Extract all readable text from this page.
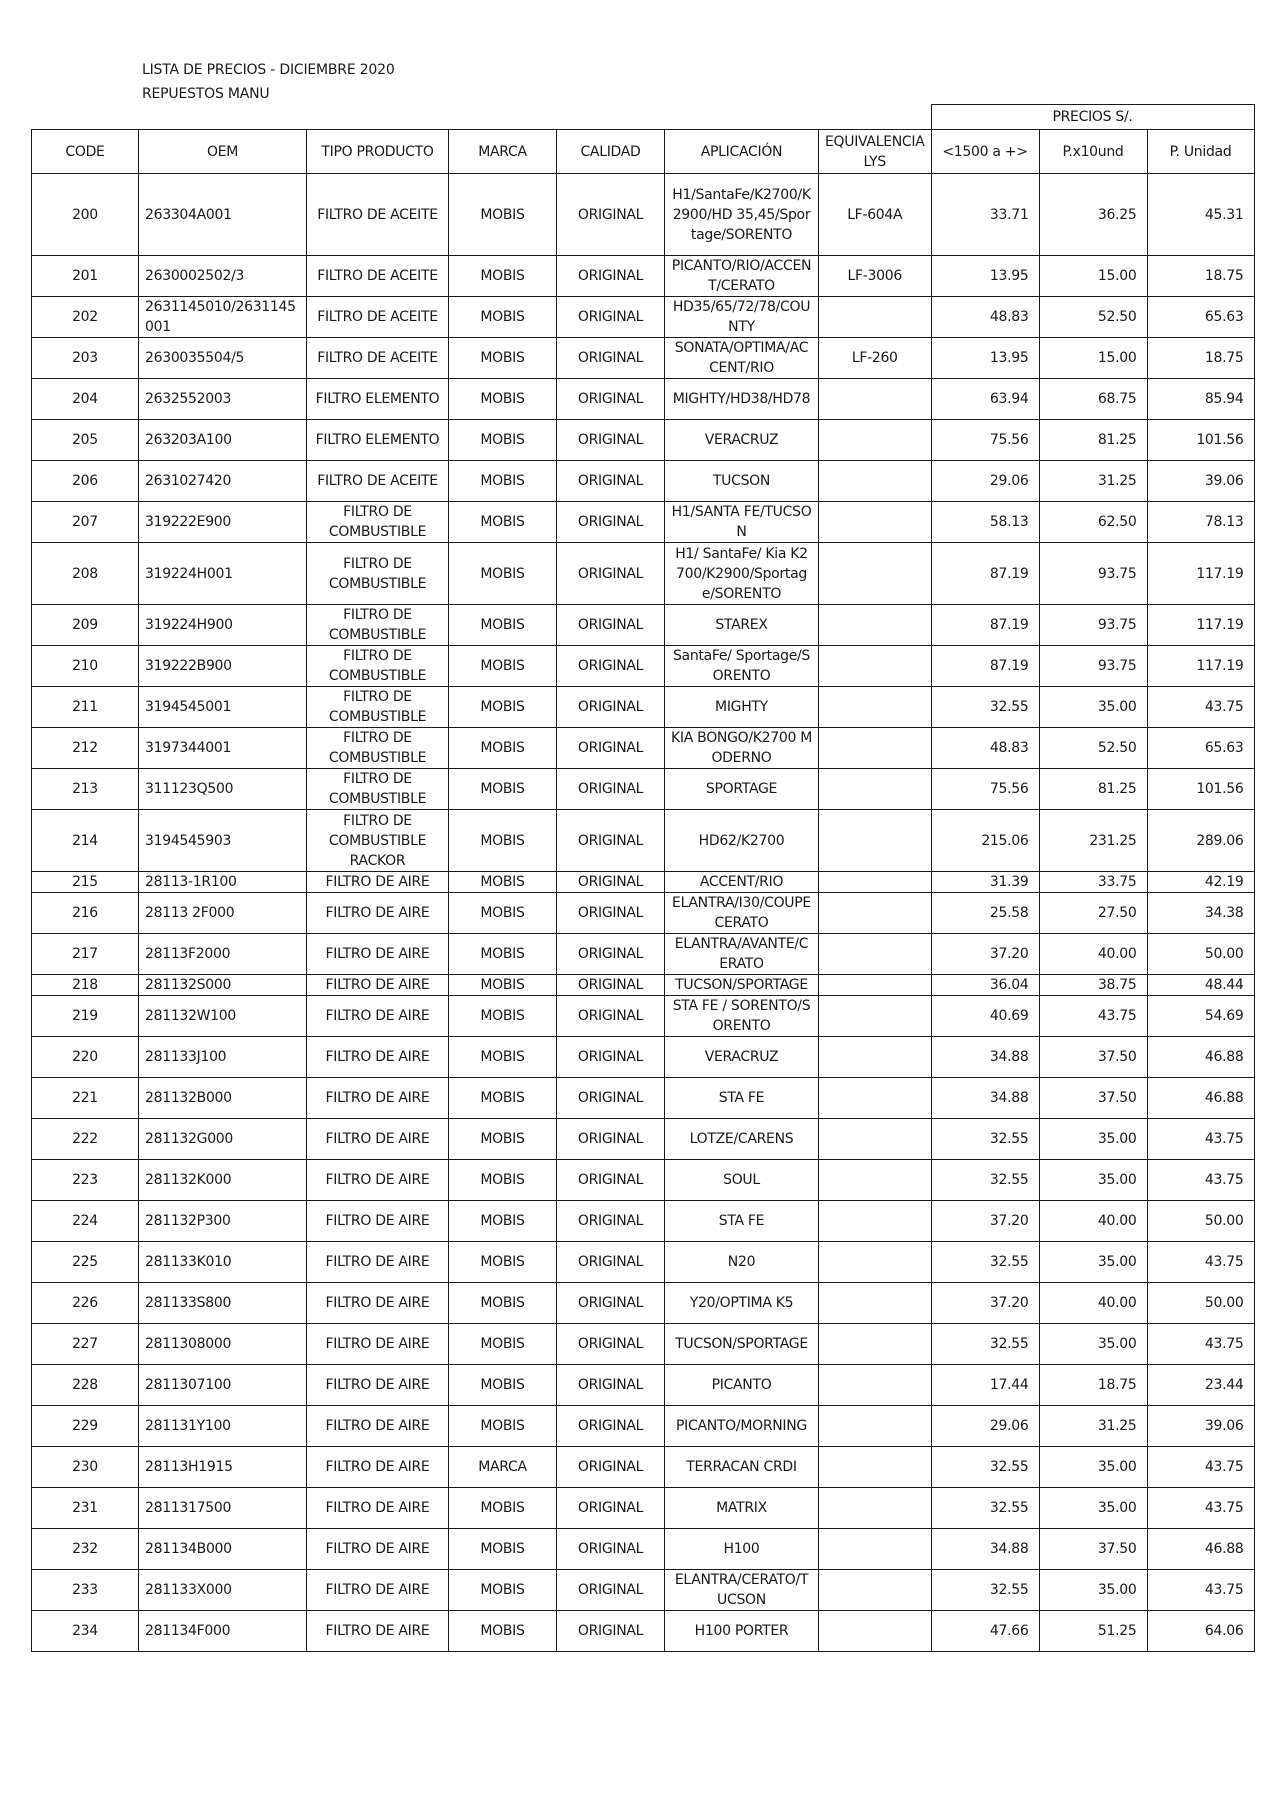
LISTA DE PRECIOS - DICIEMBRE 2020
REPUESTOS MANU
							PRECIOS S/.		
CODE	OEM	TIPO PRODUCTO	MARCA	CALIDAD	APLICACIÓN	EQUIVALENCIA LYS	<1500 a +>	P.x10und	P. Unidad
200	263304A001	FILTRO DE ACEITE	MOBIS	ORIGINAL	H1/SantaFe/K2700/K2900/HD 35,45/Sportage/SORENTO	LF-604A	33.71	36.25	45.31
201	2630002502/3	FILTRO DE ACEITE	MOBIS	ORIGINAL	PICANTO/RIO/ACCENT/CERATO	LF-3006	13.95	15.00	18.75
202	2631145010/2631145001	FILTRO DE ACEITE	MOBIS	ORIGINAL	HD35/65/72/78/COUNTY		48.83	52.50	65.63
203	2630035504/5	FILTRO DE ACEITE	MOBIS	ORIGINAL	SONATA/OPTIMA/ACCENT/RIO	LF-260	13.95	15.00	18.75
204	2632552003	FILTRO ELEMENTO	MOBIS	ORIGINAL	MIGHTY/HD38/HD78		63.94	68.75	85.94
205	263203A100	FILTRO ELEMENTO	MOBIS	ORIGINAL	VERACRUZ		75.56	81.25	101.56
206	2631027420	FILTRO DE ACEITE	MOBIS	ORIGINAL	TUCSON		29.06	31.25	39.06
207	319222E900	FILTRO DE COMBUSTIBLE	MOBIS	ORIGINAL	H1/SANTA FE/TUCSON		58.13	62.50	78.13
208	319224H001	FILTRO DE COMBUSTIBLE	MOBIS	ORIGINAL	H1/ SantaFe/ Kia K2700/K2900/Sportage/SORENTO		87.19	93.75	117.19
209	319224H900	FILTRO DE COMBUSTIBLE	MOBIS	ORIGINAL	STAREX		87.19	93.75	117.19
210	319222B900	FILTRO DE COMBUSTIBLE	MOBIS	ORIGINAL	SantaFe/ Sportage/SORENTO		87.19	93.75	117.19
211	3194545001	FILTRO DE COMBUSTIBLE	MOBIS	ORIGINAL	MIGHTY		32.55	35.00	43.75
212	3197344001	FILTRO DE COMBUSTIBLE	MOBIS	ORIGINAL	KIA BONGO/K2700 MODERNO		48.83	52.50	65.63
213	311123Q500	FILTRO DE COMBUSTIBLE	MOBIS	ORIGINAL	SPORTAGE		75.56	81.25	101.56
214	3194545903	FILTRO DE COMBUSTIBLE RACKOR	MOBIS	ORIGINAL	HD62/K2700		215.06	231.25	289.06
215	28113-1R100	FILTRO DE AIRE	MOBIS	ORIGINAL	ACCENT/RIO		31.39	33.75	42.19
216	28113 2F000	FILTRO DE AIRE	MOBIS	ORIGINAL	ELANTRA/I30/COUPE CERATO		25.58	27.50	34.38
217	28113F2000	FILTRO DE AIRE	MOBIS	ORIGINAL	ELANTRA/AVANTE/CERATO		37.20	40.00	50.00
218	281132S000	FILTRO DE AIRE	MOBIS	ORIGINAL	TUCSON/SPORTAGE		36.04	38.75	48.44
219	281132W100	FILTRO DE AIRE	MOBIS	ORIGINAL	STA FE / SORENTO/SORENTO		40.69	43.75	54.69
220	281133J100	FILTRO DE AIRE	MOBIS	ORIGINAL	VERACRUZ		34.88	37.50	46.88
221	281132B000	FILTRO DE AIRE	MOBIS	ORIGINAL	STA FE		34.88	37.50	46.88
222	281132G000	FILTRO DE AIRE	MOBIS	ORIGINAL	LOTZE/CARENS		32.55	35.00	43.75
223	281132K000	FILTRO DE AIRE	MOBIS	ORIGINAL	SOUL		32.55	35.00	43.75
224	281132P300	FILTRO DE AIRE	MOBIS	ORIGINAL	STA FE		37.20	40.00	50.00
225	281133K010	FILTRO DE AIRE	MOBIS	ORIGINAL	N20		32.55	35.00	43.75
226	281133S800	FILTRO DE AIRE	MOBIS	ORIGINAL	Y20/OPTIMA K5		37.20	40.00	50.00
227	2811308000	FILTRO DE AIRE	MOBIS	ORIGINAL	TUCSON/SPORTAGE		32.55	35.00	43.75
228	2811307100	FILTRO DE AIRE	MOBIS	ORIGINAL	PICANTO		17.44	18.75	23.44
229	281131Y100	FILTRO DE AIRE	MOBIS	ORIGINAL	PICANTO/MORNING		29.06	31.25	39.06
230	28113H1915	FILTRO DE AIRE	MARCA	ORIGINAL	TERRACAN CRDI		32.55	35.00	43.75
231	2811317500	FILTRO DE AIRE	MOBIS	ORIGINAL	MATRIX		32.55	35.00	43.75
232	281134B000	FILTRO DE AIRE	MOBIS	ORIGINAL	H100		34.88	37.50	46.88
233	281133X000	FILTRO DE AIRE	MOBIS	ORIGINAL	ELANTRA/CERATO/TUCSON		32.55	35.00	43.75
234	281134F000	FILTRO DE AIRE	MOBIS	ORIGINAL	H100 PORTER		47.66	51.25	64.06
